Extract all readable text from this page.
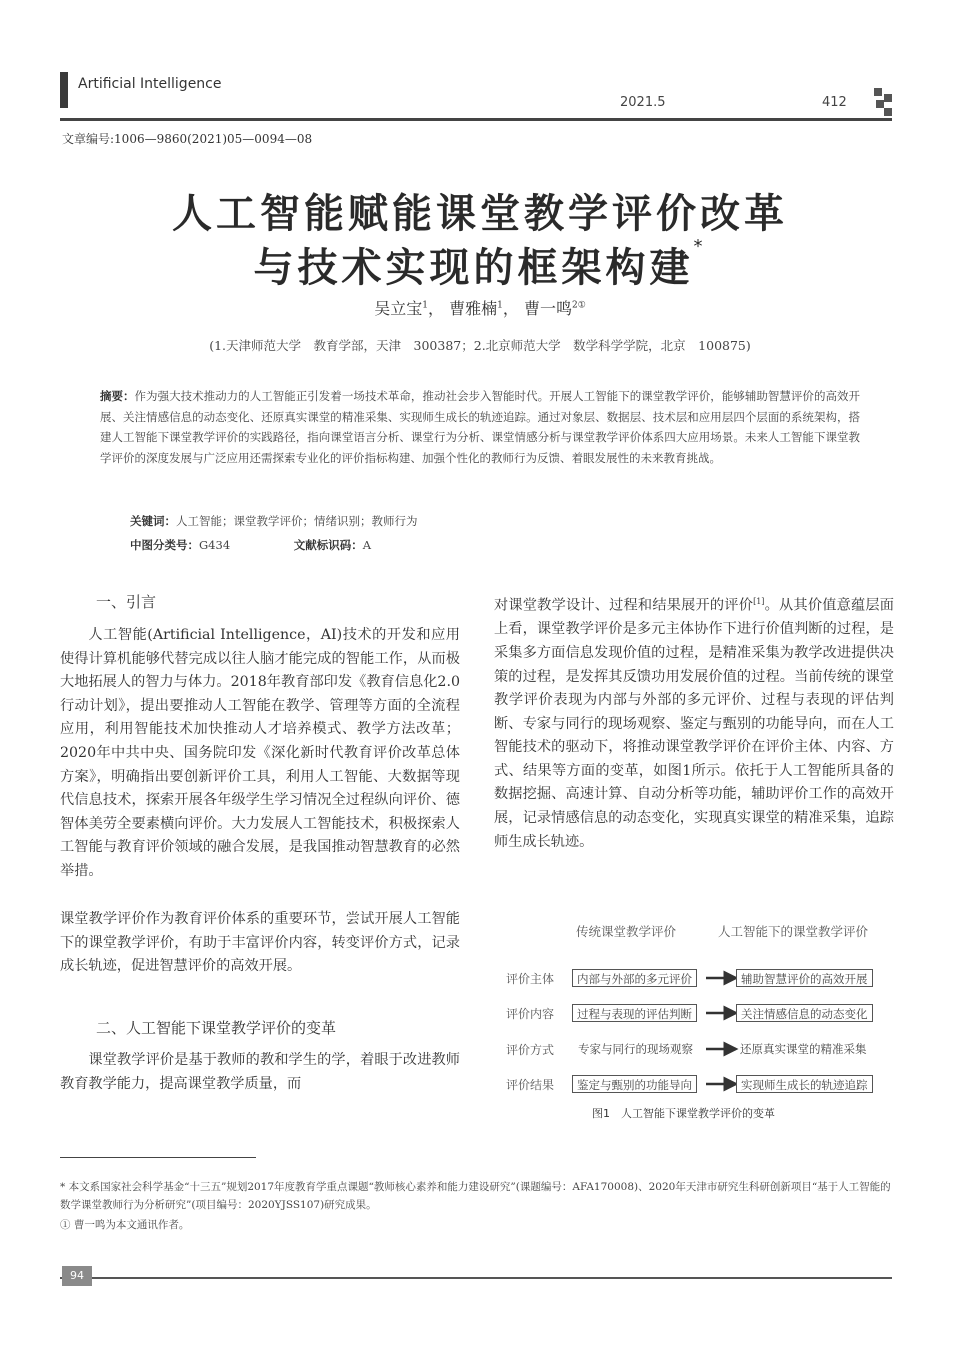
Artificial Intelligence
2021.5	412
文章编号:1006—9860(2021)05—0094—08
人工智能赋能课堂教学评价改革
与技术实现的框架构建*
吴立宝$^1$， 曹雅楠$^1$， 曹一鸣$^{2①}$
(1.天津师范大学　教育学部，天津　300387；2.北京师范大学　数学科学学院，北京　100875)
摘要：作为强大技术推动力的人工智能正引发着一场技术革命，推动社会步入智能时代。开展人工智能下的课堂教学评价，能够辅助智慧评价的高效开展、关注情感信息的动态变化、还原真实课堂的精准采集、实现师生成长的轨迹追踪。通过对象层、数据层、技术层和应用层四个层面的系统架构，搭建人工智能下课堂教学评价的实践路径，指向课堂语言分析、课堂行为分析、课堂情感分析与课堂教学评价体系四大应用场景。未来人工智能下课堂教学评价的深度发展与广泛应用还需探索专业化的评价指标构建、加强个性化的教师行为反馈、着眼发展性的未来教育挑战。
关键词：人工智能；课堂教学评价；情绪识别；教师行为
中图分类号：G434	文献标识码：A
一、引言
人工智能(Artificial Intelligence，AI)技术的开发和应用使得计算机能够代替完成以往人脑才能完成的智能工作，从而极大地拓展人的智力与体力。2018年教育部印发《教育信息化2.0行动计划》，提出要推动人工智能在教学、管理等方面的全流程应用，利用智能技术加快推动人才培养模式、教学方法改革；2020年中共中央、国务院印发《深化新时代教育评价改革总体方案》，明确指出要创新评价工具，利用人工智能、大数据等现代信息技术，探索开展各年级学生学习情况全过程纵向评价、德智体美劳全要素横向评价。大力发展人工智能技术，积极探索人工智能与教育评价领域的融合发展，是我国推动智慧教育的必然举措。
课堂教学评价作为教育评价体系的重要环节，尝试开展人工智能下的课堂教学评价，有助于丰富评价内容，转变评价方式，记录成长轨迹，促进智慧评价的高效开展。
二、人工智能下课堂教学评价的变革
课堂教学评价是基于教师的教和学生的学，着眼于改进教师教育教学能力，提高课堂教学质量，而
对课堂教学设计、过程和结果展开的评价[1]。从其价值意蕴层面上看，课堂教学评价是多元主体协作下进行价值判断的过程，是采集多方面信息发现价值的过程，是精准采集为教学改进提供决策的过程，是发挥其反馈功用发展价值的过程。当前传统的课堂教学评价表现为内部与外部的多元评价、过程与表现的评估判断、专家与同行的现场观察、鉴定与甄别的功能导向，而在人工智能技术的驱动下，将推动课堂教学评价在评价主体、内容、方式、结果等方面的变革，如图1所示。依托于人工智能所具备的数据挖掘、高速计算、自动分析等功能，辅助评价工作的高效开展，记录情感信息的动态变化，实现真实课堂的精准采集，追踪师生成长轨迹。
传统课堂教学评价	人工智能下的课堂教学评价
评价主体	内部与外部的多元评价	辅助智慧评价的高效开展
评价内容	过程与表现的评估判断	关注情感信息的动态变化
评价方式 专家与同行的现场观察	还原真实课堂的精准采集
评价结果	鉴定与甄别的功能导向	实现师生成长的轨迹追踪
图1　人工智能下课堂教学评价的变革
* 本文系国家社会科学基金“十三五”规划2017年度教育学重点课题“教师核心素养和能力建设研究”(课题编号：AFA170008)、2020年天津市研究生科研创新项目“基于人工智能的数学课堂教师行为分析研究”(项目编号：2020YJSS107)研究成果。
① 曹一鸣为本文通讯作者。
94
